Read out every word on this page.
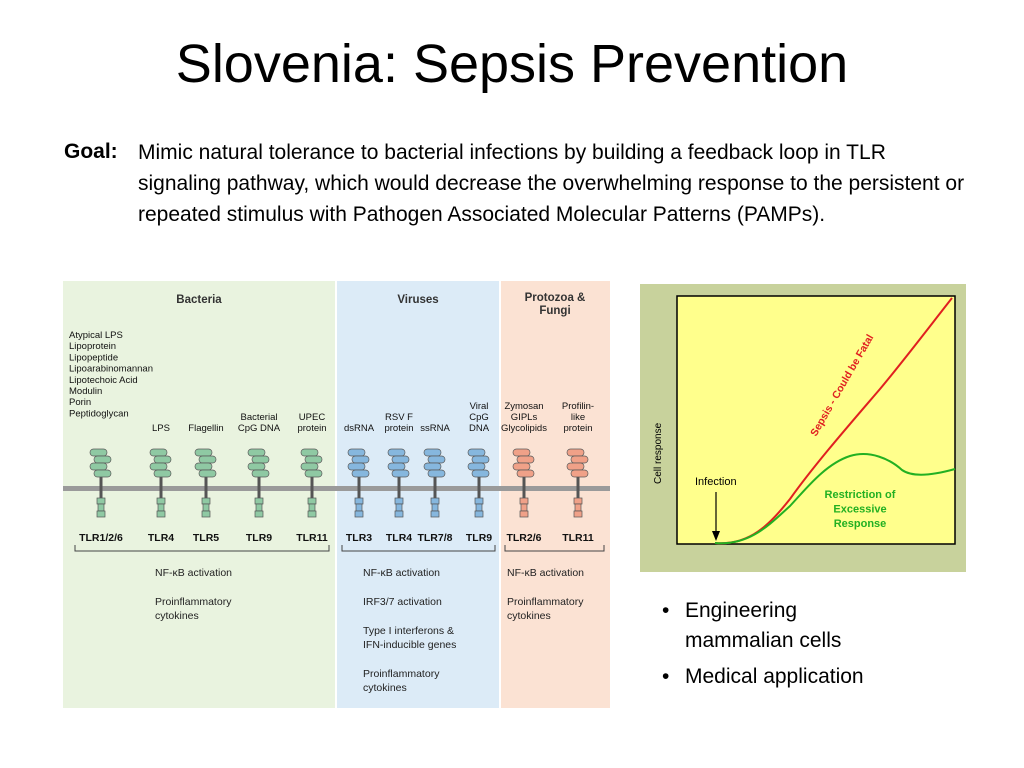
Slovenia: Sepsis Prevention
Goal: Mimic natural tolerance to bacterial infections by building a feedback loop in TLR signaling pathway, which would decrease the overwhelming response to the persistent or repeated stimulus with Pathogen Associated Molecular Patterns (PAMPs).
Bacteria
Atypical LPS Lipoprotein Lipopeptide Lipoarabinomannan Lipotechoic Acid Modulin Porin Peptidoglycan
LPS Flagellin
Bacterial CpG DNA
UPEC protein
TLR1/2/6 TLR4 TLR5	TLR9 TLR11
NF-κB activation
Proinflammatory cytokines
Viruses
dsRNA
RSV F protein ssRNA
Viral CpG DNA
TLR3 TLR4 TLR7/8 TLR9
NF-κB activation
IRF3/7 activation
Type I interferons & IFN-inducible genes
Proinflammatory cytokines
Protozoa & Fungi
Zymosan GIPLs Glycolipids
Profilin-like protein
TLR2/6 TLR11
NF-κB activation
Proinflammatory cytokines
Cell response	Infection
Sepsis - Could be Fatal
Restriction of
Excessive
Response
• Engineering
mammalian cells
• Medical application
